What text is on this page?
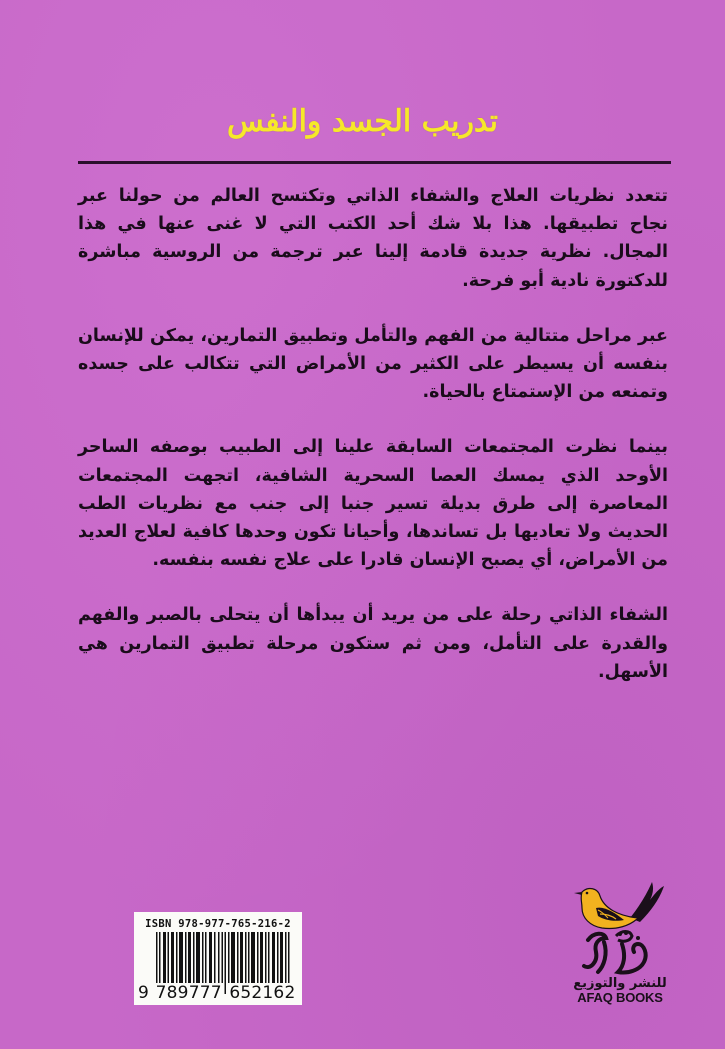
تدريب الجسد والنفس

تتعدد نظريات العلاج والشفاء الذاتي وتكتسح العالم من حولنا عبر نجاح تطبيقها. هذا بلا شك أحد الكتب التي لا غنى عنها في هذا المجال. نظرية جديدة قادمة إلينا عبر ترجمة من الروسية مباشرة للدكتورة نادية أبو فرحة.

عبر مراحل متتالية من الفهم والتأمل وتطبيق التمارين، يمكن للإنسان بنفسه أن يسيطر على الكثير من الأمراض التي تتكالب على جسده وتمنعه من الإستمتاع بالحياة.

بينما نظرت المجتمعات السابقة علينا إلى الطبيب بوصفه الساحر الأوحد الذي يمسك العصا السحرية الشافية، اتجهت المجتمعات المعاصرة إلى طرق بديلة تسير جنبا إلى جنب مع نظريات الطب الحديث ولا تعاديها بل تساندها، وأحيانا تكون وحدها كافية لعلاج العديد من الأمراض، أي يصبح الإنسان قادرا على علاج نفسه بنفسه.

الشفاء الذاتي رحلة على من يريد أن يبدأها أن يتحلى بالصبر والفهم والقدرة على التأمل، ومن ثم ستكون مرحلة تطبيق التمارين هي الأسهل.

ISBN 978-977-765-216-2
9 789777 652162	للنشر والتوزيع
AFAQ BOOKS
